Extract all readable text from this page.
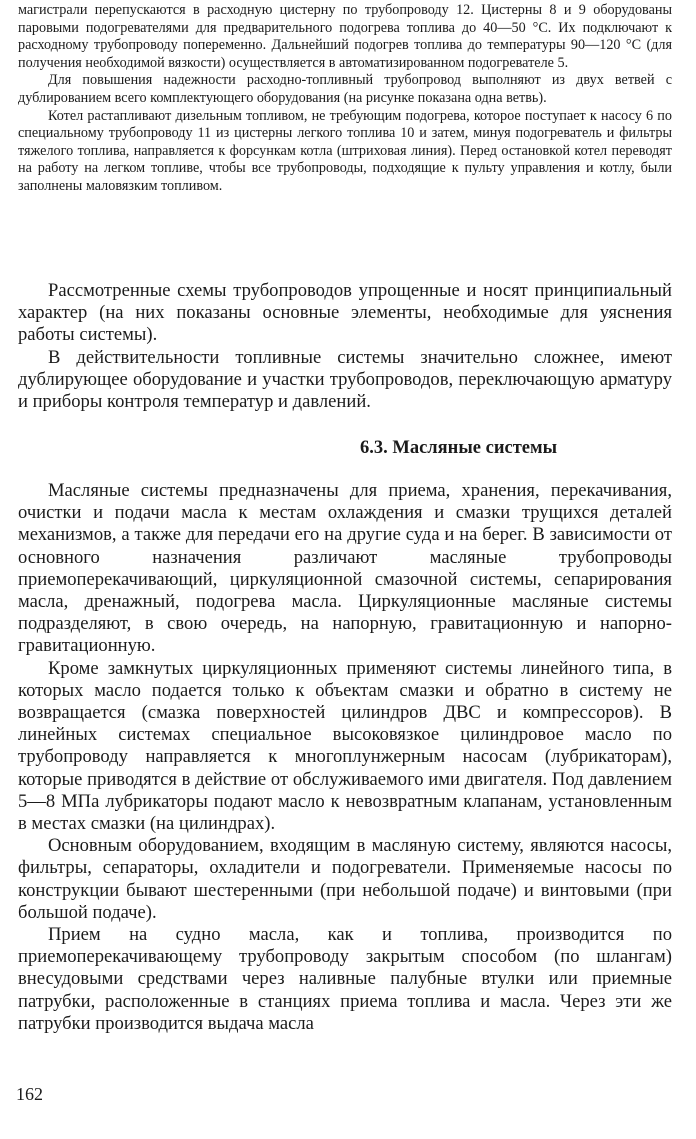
магистрали перепускаются в расходную цистерну по трубопроводу 12. Цистерны 8 и 9 оборудованы паровыми подогревателями для предварительного подогрева топлива до 40—50 °С. Их подключают к расходному трубопроводу попеременно. Дальнейший подогрев топлива до температуры 90—120 °С (для получения необходимой вязкости) осуществляется в автоматизированном подогревателе 5.

Для повышения надежности расходно-топливный трубопровод выполняют из двух ветвей с дублированием всего комплектующего оборудования (на рисунке показана одна ветвь).

Котел растапливают дизельным топливом, не требующим подогрева, которое поступает к насосу 6 по специальному трубопроводу 11 из цистерны легкого топлива 10 и затем, минуя подогреватель и фильтры тяжелого топлива, направляется к форсункам котла (штриховая линия). Перед остановкой котел переводят на работу на легком топливе, чтобы все трубопроводы, подходящие к пульту управления и котлу, были заполнены маловязким топливом.

Рассмотренные схемы трубопроводов упрощенные и носят принципиальный характер (на них показаны основные элементы, необходимые для уяснения работы системы).

В действительности топливные системы значительно сложнее, имеют дублирующее оборудование и участки трубопроводов, переключающую арматуру и приборы контроля температур и давлений.

6.3. Масляные системы

Масляные системы предназначены для приема, хранения, перекачивания, очистки и подачи масла к местам охлаждения и смазки трущихся деталей механизмов, а также для передачи его на другие суда и на берег. В зависимости от основного назначения различают масляные трубопроводы приемоперекачивающий, циркуляционной смазочной системы, сепарирования масла, дренажный, подогрева масла. Циркуляционные масляные системы подразделяют, в свою очередь, на напорную, гравитационную и напорно-гравитационную.

Кроме замкнутых циркуляционных применяют системы линейного типа, в которых масло подается только к объектам смазки и обратно в систему не возвращается (смазка поверхностей цилиндров ДВС и компрессоров). В линейных системах специальное высоковязкое цилиндровое масло по трубопроводу направляется к многоплунжерным насосам (лубрикаторам), которые приводятся в действие от обслуживаемого ими двигателя. Под давлением 5—8 МПа лубрикаторы подают масло к невозвратным клапанам, установленным в местах смазки (на цилиндрах).

Основным оборудованием, входящим в масляную систему, являются насосы, фильтры, сепараторы, охладители и подогреватели. Применяемые насосы по конструкции бывают шестеренными (при небольшой подаче) и винтовыми (при большой подаче).

Прием на судно масла, как и топлива, производится по приемоперекачивающему трубопроводу закрытым способом (по шлангам) внесудовыми средствами через наливные палубные втулки или приемные патрубки, расположенные в станциях приема топлива и масла. Через эти же патрубки производится выдача масла

162
